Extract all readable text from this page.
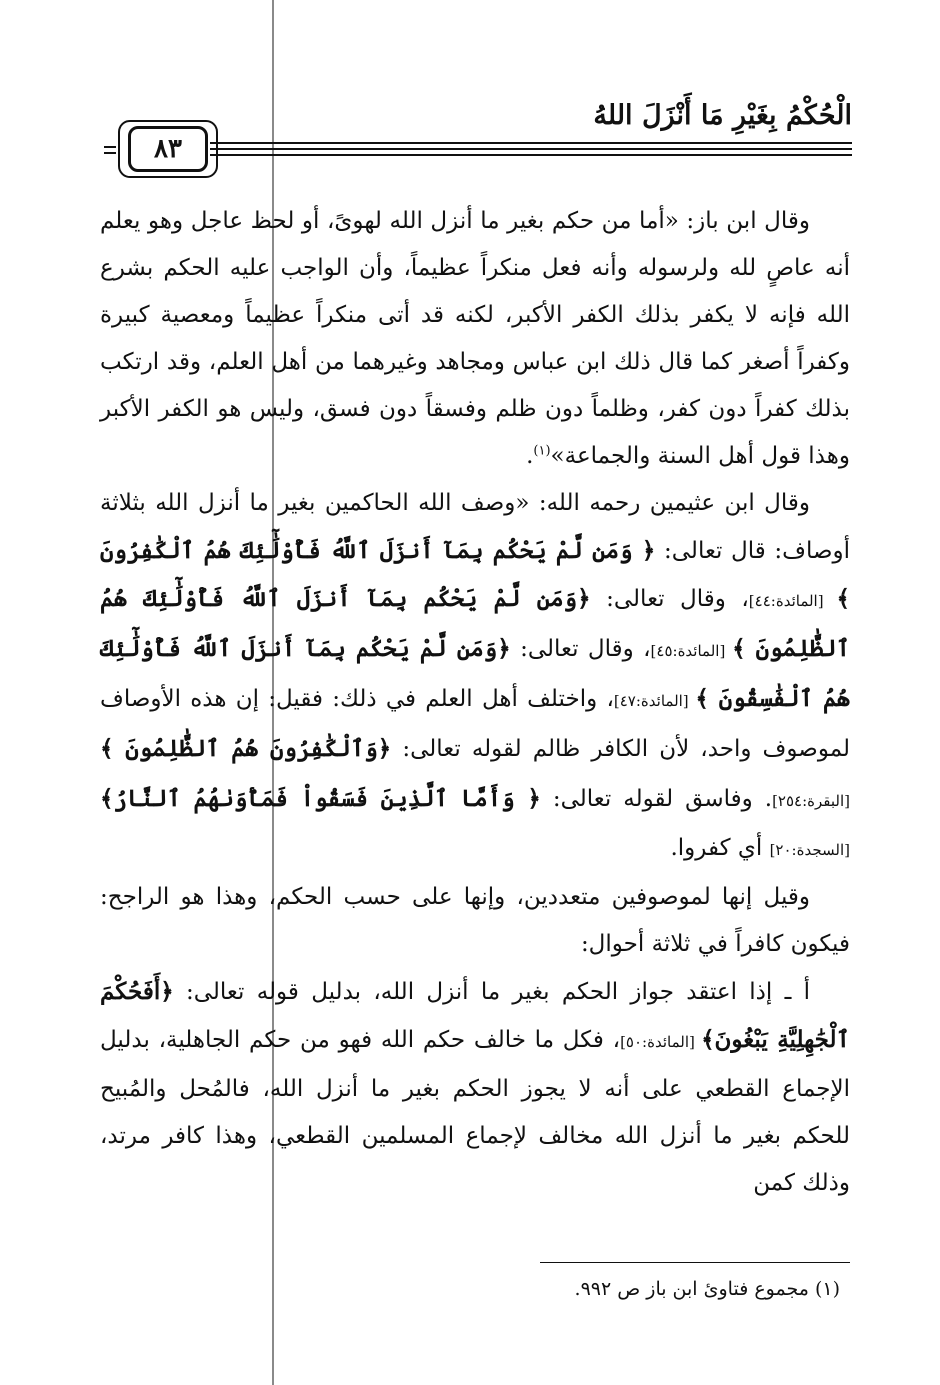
الْحُكْمُ بِغَيْرِ مَا أَنْزَلَ اللهُ
٨٣

وقال ابن باز: «أما من حكم بغير ما أنزل الله لهوىً، أو لحظ عاجل وهو يعلم أنه عاصٍ لله ولرسوله وأنه فعل منكراً عظيماً، وأن الواجب عليه الحكم بشرع الله فإنه لا يكفر بذلك الكفر الأكبر، لكنه قد أتى منكراً عظيماً ومعصية كبيرة وكفراً أصغر كما قال ذلك ابن عباس ومجاهد وغيرهما من أهل العلم، وقد ارتكب بذلك كفراً دون كفر، وظلماً دون ظلم وفسقاً دون فسق، وليس هو الكفر الأكبر وهذا قول أهل السنة والجماعة»$^{(١)}$.

وقال ابن عثيمين رحمه الله: «وصف الله الحاكمين بغير ما أنزل الله بثلاثة أوصاف: قال تعالى: ﴿ وَمَن لَّمْ يَحْكُم بِمَآ أَنزَلَ ٱللَّهُ فَأُوْلَٰٓئِكَ هُمُ ٱلْكَٰفِرُونَ ﴾ [المائدة:٤٤]، وقال تعالى: ﴿وَمَن لَّمْ يَحْكُم بِمَآ أَنزَلَ ٱللَّهُ فَأُوْلَٰٓئِكَ هُمُ ٱلظَّٰلِمُونَ ﴾ [المائدة:٤٥]، وقال تعالى: ﴿وَمَن لَّمْ يَحْكُم بِمَآ أَنزَلَ ٱللَّهُ فَأُوْلَٰٓئِكَ هُمُ ٱلْفَٰسِقُونَ ﴾ [المائدة:٤٧]، واختلف أهل العلم في ذلك: فقيل: إن هذه الأوصاف لموصوف واحد، لأن الكافر ظالم لقوله تعالى: ﴿وَٱلْكَٰفِرُونَ هُمُ ٱلظَّٰلِمُونَ ﴾ [البقرة:٢٥٤]. وفاسق لقوله تعالى: ﴿ وَأَمَّا ٱلَّذِينَ فَسَقُواْ فَمَأْوَىٰهُمُ ٱلنَّارُ﴾ [السجدة:٢٠] أي كفروا.

وقيل إنها لموصوفين متعددين، وإنها على حسب الحكم، وهذا هو الراجح: فيكون كافراً في ثلاثة أحوال:

أ ـ إذا اعتقد جواز الحكم بغير ما أنزل الله، بدليل قوله تعالى: ﴿أَفَحُكْمَ ٱلْجَٰهِلِيَّةِ يَبْغُونَ﴾ [المائدة:٥٠]، فكل ما خالف حكم الله فهو من حكم الجاهلية، بدليل الإجماع القطعي على أنه لا يجوز الحكم بغير ما أنزل الله، فالمُحل والمُبيح للحكم بغير ما أنزل الله مخالف لإجماع المسلمين القطعي، وهذا كافر مرتد، وذلك كمن

(١) مجموع فتاوئ ابن باز ص ٩٩٢.
